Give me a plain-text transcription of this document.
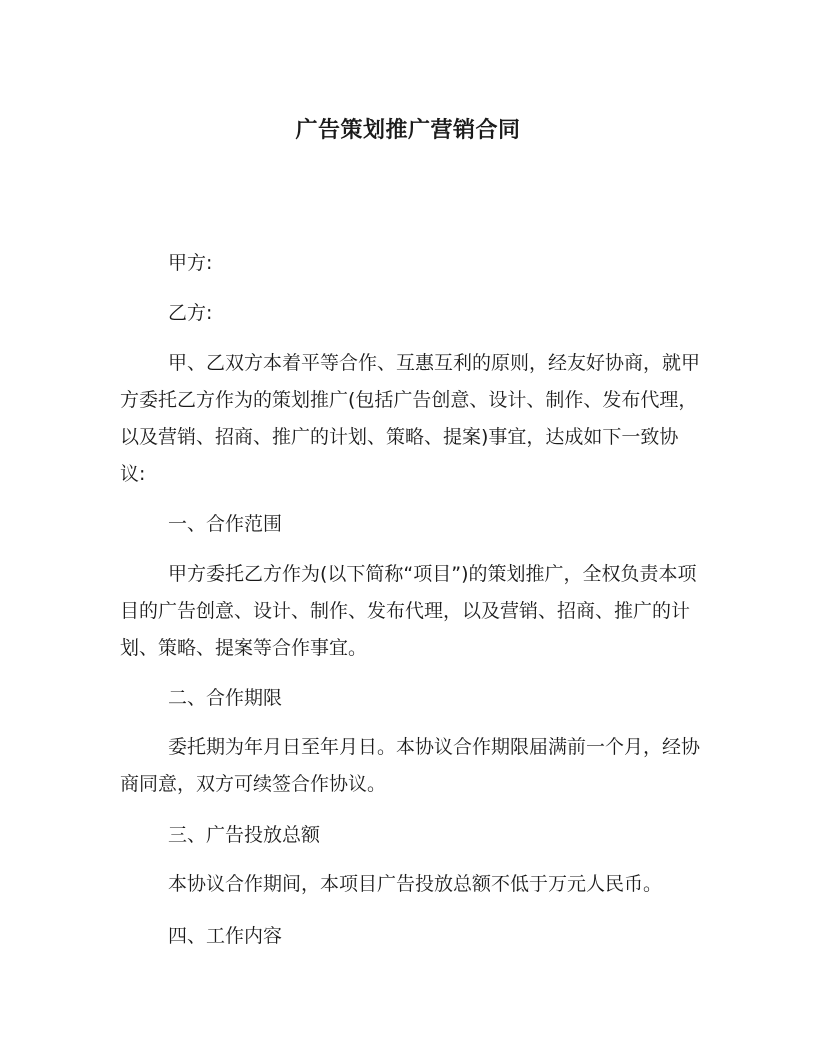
广告策划推广营销合同

甲方:

乙方:

甲、乙双方本着平等合作、互惠互利的原则，经友好协商，就甲方委托乙方作为的策划推广(包括广告创意、设计、制作、发布代理，以及营销、招商、推广的计划、策略、提案)事宜，达成如下一致协议:

一、合作范围

甲方委托乙方作为(以下简称“项目”)的策划推广，全权负责本项目的广告创意、设计、制作、发布代理，以及营销、招商、推广的计划、策略、提案等合作事宜。

二、合作期限

委托期为年月日至年月日。本协议合作期限届满前一个月，经协商同意，双方可续签合作协议。

三、广告投放总额

本协议合作期间，本项目广告投放总额不低于万元人民币。

四、工作内容
